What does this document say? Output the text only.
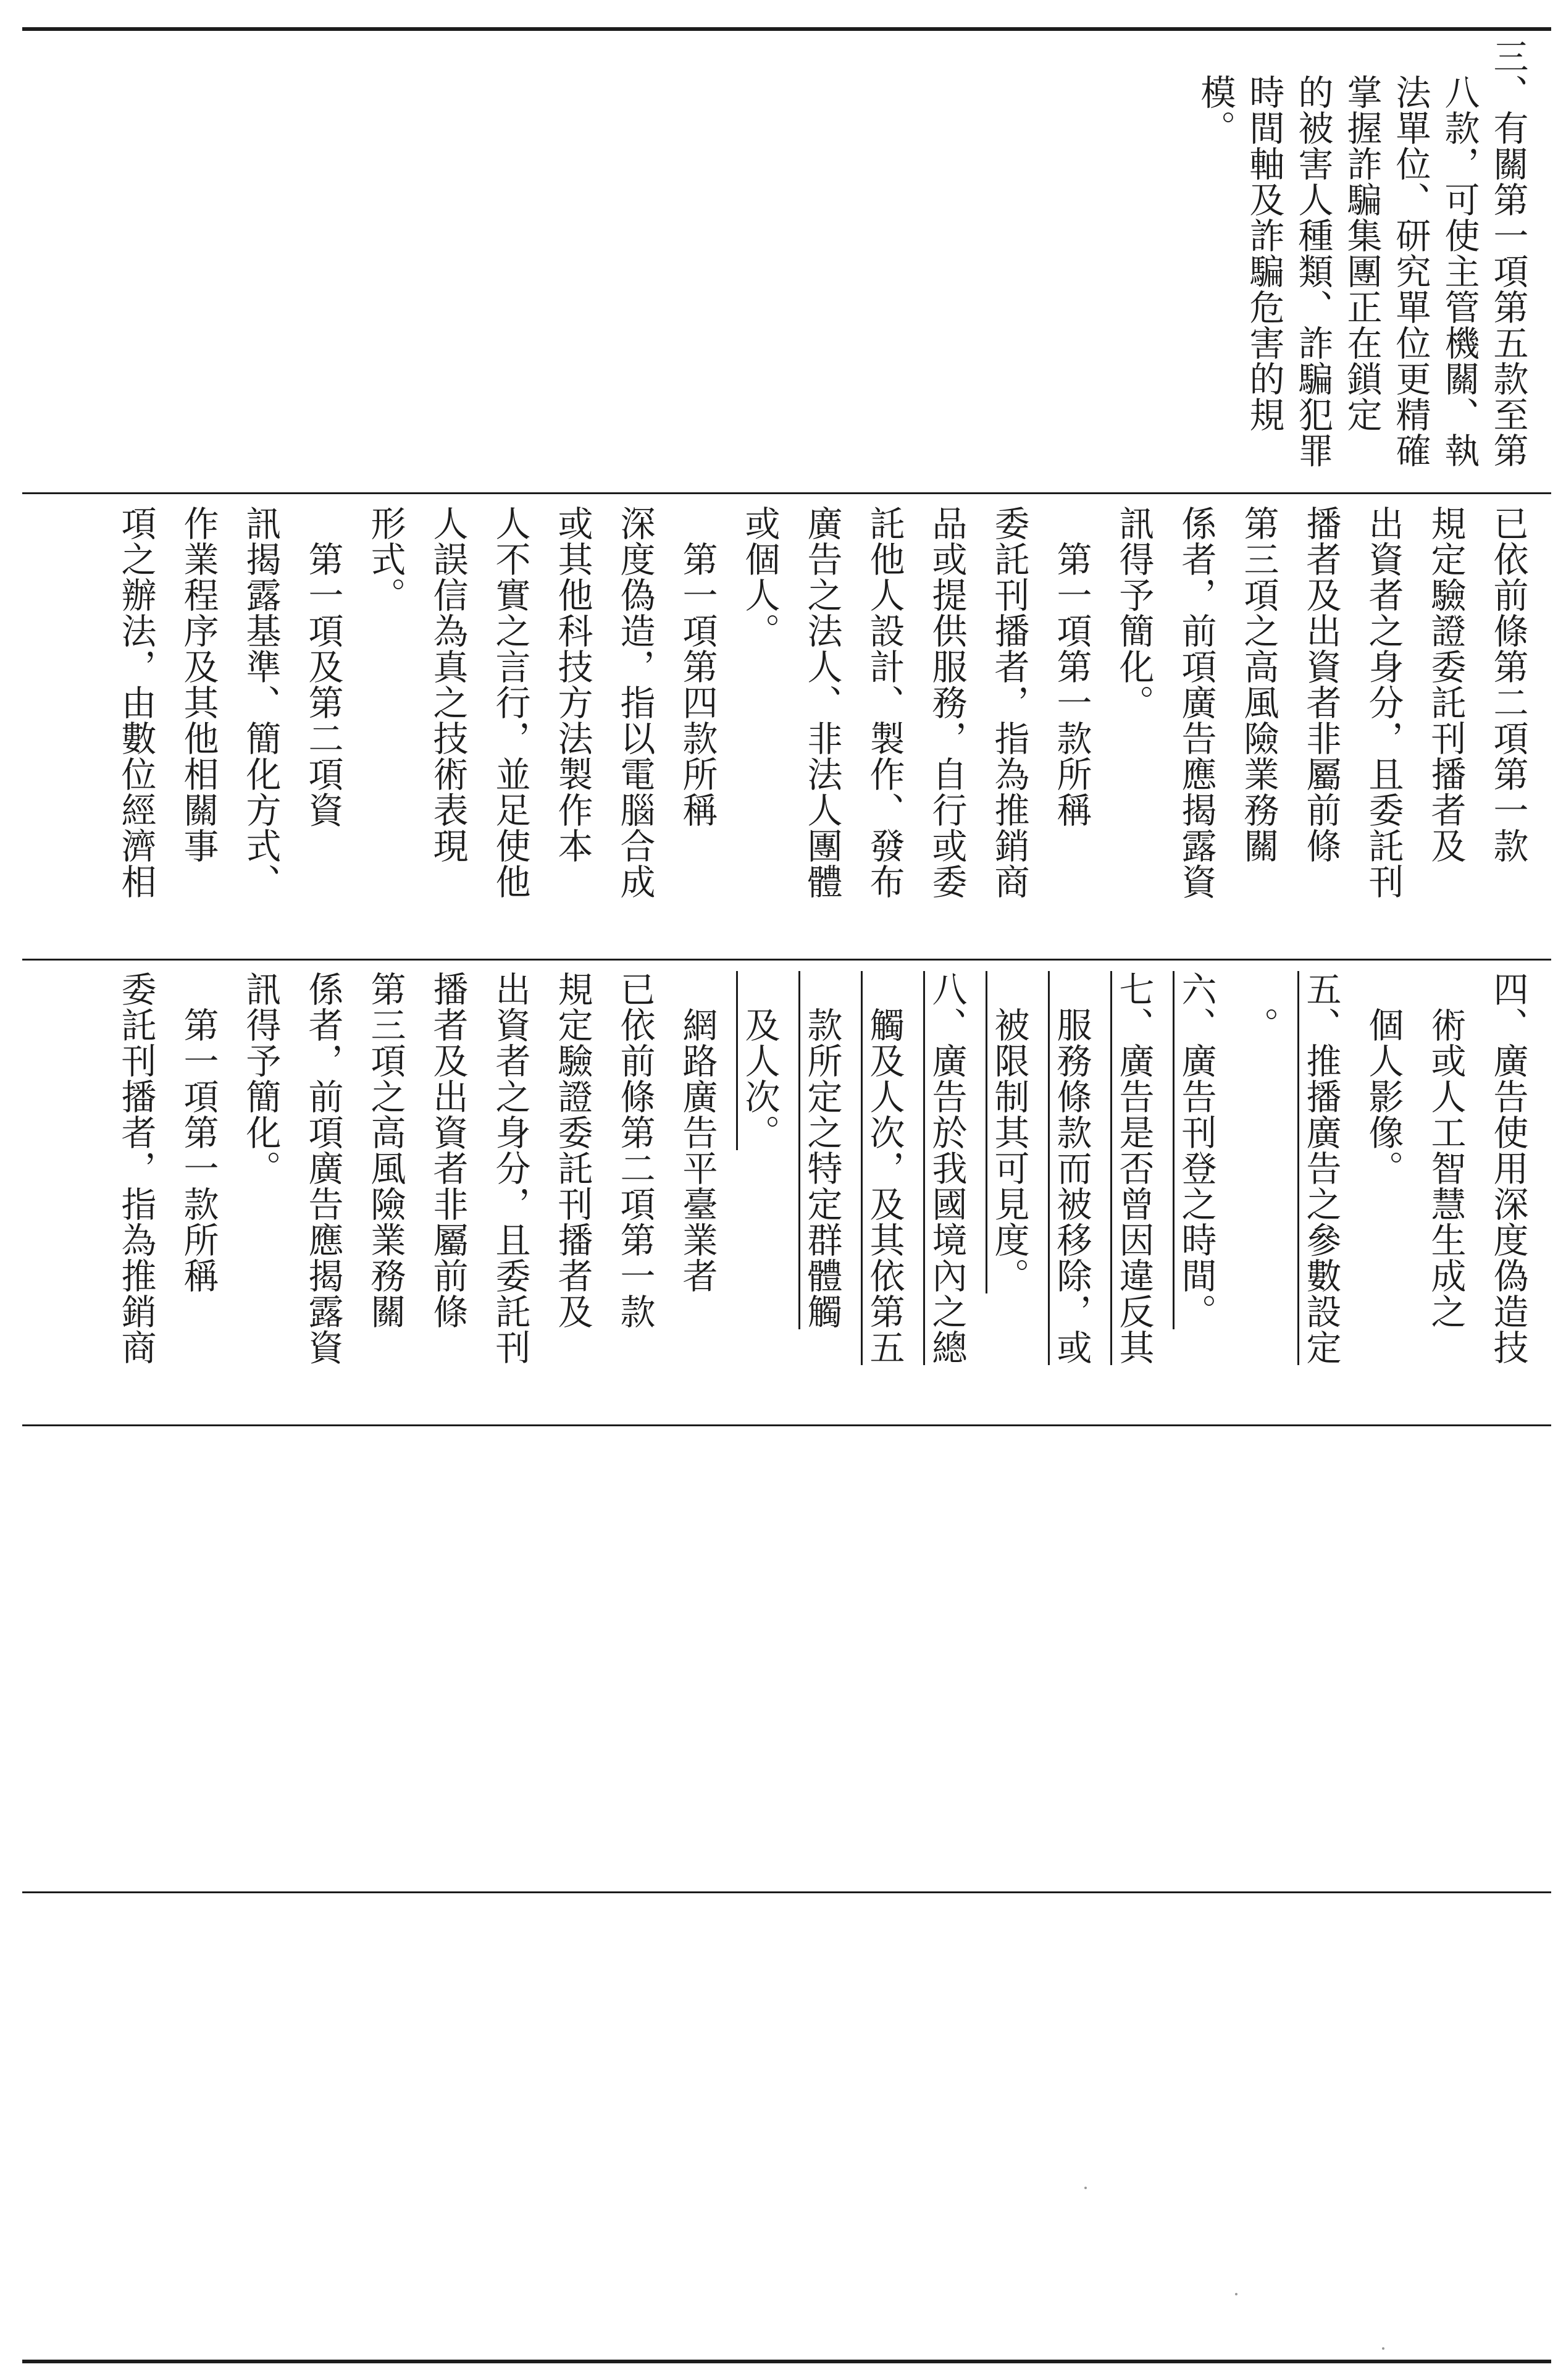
三、有關第一項第五款至第
　八款，可使主管機關、執
　法單位、研究單位更精確
　掌握詐騙集團正在鎖定
　的被害人種類、詐騙犯罪
　時間軸及詐騙危害的規
　模。
已依前條第二項第一款
規定驗證委託刊播者及
出資者之身分，且委託刊
播者及出資者非屬前條
第三項之高風險業務關
係者，前項廣告應揭露資
訊得予簡化。
　第一項第一款所稱
委託刊播者，指為推銷商
品或提供服務，自行或委
託他人設計、製作、發布
廣告之法人、非法人團體
或個人。
　第一項第四款所稱
深度偽造，指以電腦合成
或其他科技方法製作本
人不實之言行，並足使他
人誤信為真之技術表現
形式。
　第一項及第二項資
訊揭露基準、簡化方式、
作業程序及其他相關事
項之辦法，由數位經濟相
四、廣告使用深度偽造技
　術或人工智慧生成之
　個人影像。
五、推播廣告之參數設定
　。
六、廣告刊登之時間。
七、廣告是否曾因違反其
　服務條款而被移除，或
　被限制其可見度。
八、廣告於我國境內之總
　觸及人次，及其依第五
　款所定之特定群體觸
　及人次。
　網路廣告平臺業者
已依前條第二項第一款
規定驗證委託刊播者及
出資者之身分，且委託刊
播者及出資者非屬前條
第三項之高風險業務關
係者，前項廣告應揭露資
訊得予簡化。
　第一項第一款所稱
委託刊播者，指為推銷商
